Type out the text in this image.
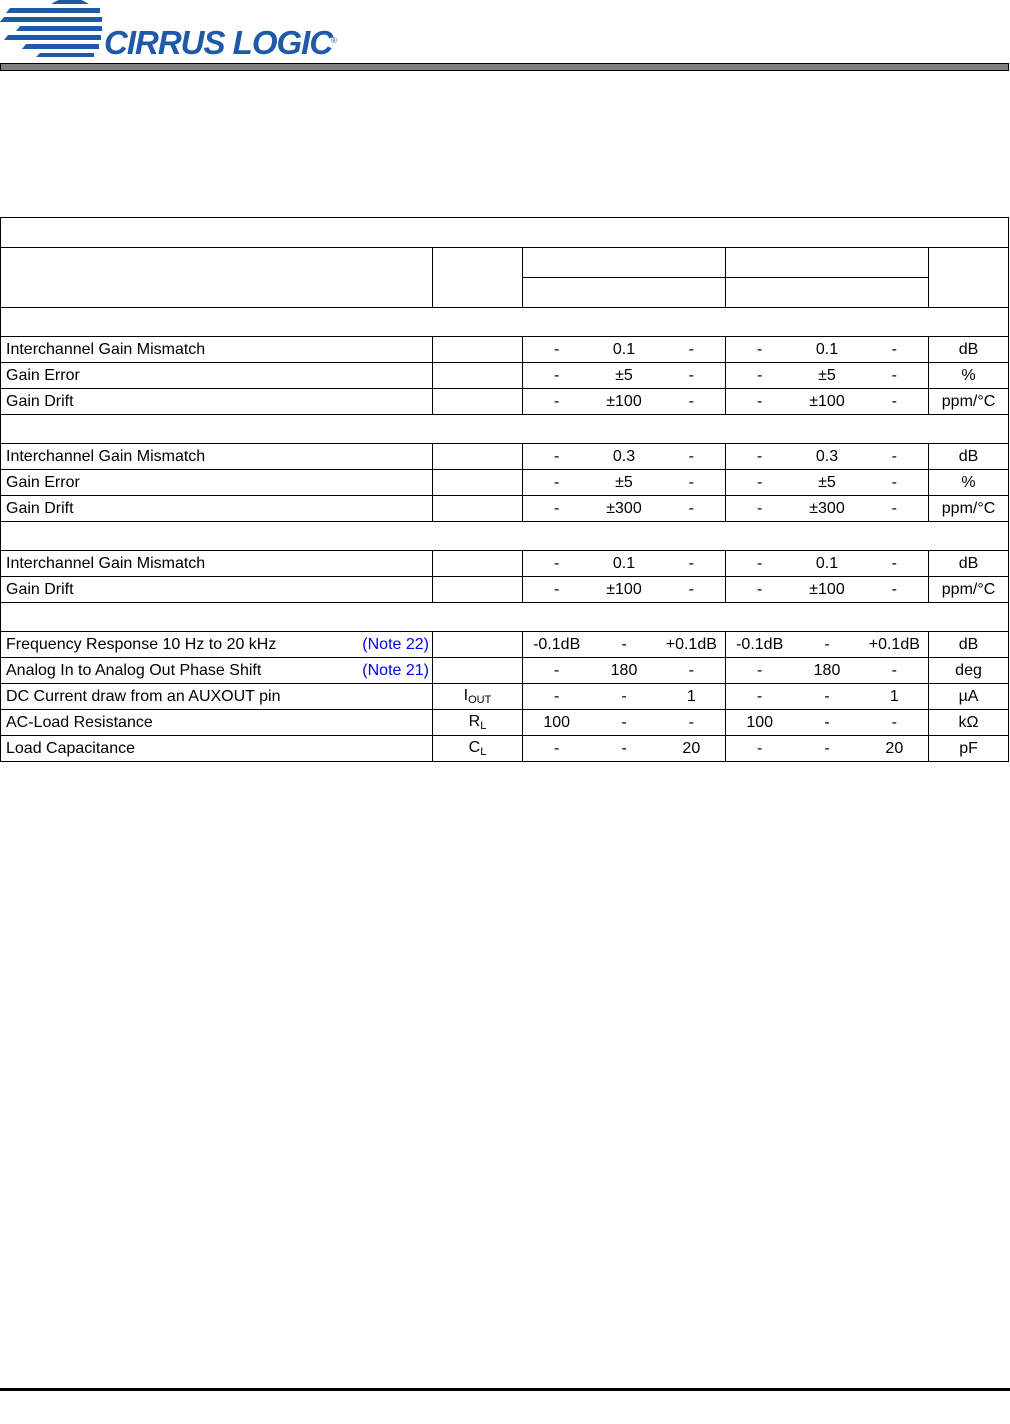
CIRRUS LOGIC
®

Interchannel Gain Mismatch		- 0.1 -	- 0.1 -	dB
Gain Error		- ±5 -	- ±5 -	%
Gain Drift		- ±100 -	- ±100 -	ppm/°C

Interchannel Gain Mismatch		- 0.3 -	- 0.3 -	dB
Gain Error		- ±5 -	- ±5 -	%
Gain Drift		- ±300 -	- ±300 -	ppm/°C

Interchannel Gain Mismatch		- 0.1 -	- 0.1 -	dB
Gain Drift		- ±100 -	- ±100 -	ppm/°C

Frequency Response 10 Hz to 20 kHz (Note 22)		-0.1dB - +0.1dB	-0.1dB - +0.1dB	dB
Analog In to Analog Out Phase Shift (Note 21)		- 180 -	- 180 -	deg
DC Current draw from an AUXOUT pin	$I_{OUT}$	- - 1	- - 1	µA
AC-Load Resistance	$R_L$	100 - -	100 - -	kΩ
Load Capacitance	$C_L$	- - 20	- - 20	pF
